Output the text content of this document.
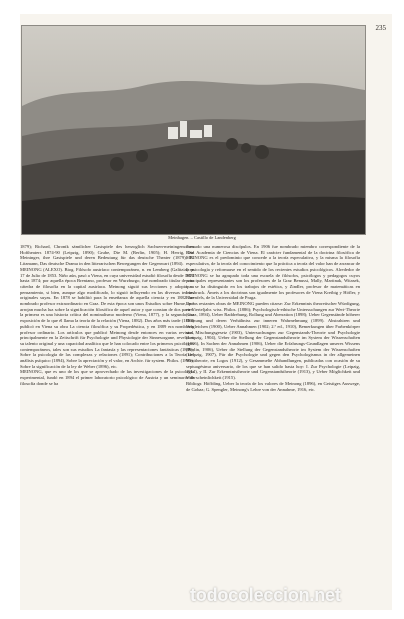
235
Meinhagen. – Castillo de Landenberg

1879); Richard, Chronik sämtlicher Gastspiele des herzoglich Sachsen-meiningenschen Hoftheaters 1874-90 (Leipzig, 1890); Grube, Die M. (Berlin, 1905); H. Herrig, Die Meininger, ihre Gastspiele und deren Bedeutung für das deutsche Theater (1879); B. Litzmann, Das deutsche Drama in den litterarischen Bewegungen der Gegenwart (1894).

MEINONG (ALEXO). Biog. Filósofo austríaco contemporáneo, n. en Lemberg (Galitzia) en 17 de Julio de 1853. Niño aún, pasó a Viena, en cuya universidad estudió filosofía desde 1870 hasta 1874; por aquella época Brentano, profesor en Wurzburgo, fué nombrado titular de una cátedra de filosofía en la capital austríaca. Meinong siguió sus lecciones y adoptó su pensamiento, si bien, aunque algo modificado, lo siguió influyendo en las diversas teorías originales suyas. En 1878 se habilitó para la enseñanza de aquella ciencia y en 1882 fue nombrado profesor extraordinario en Graz. De esta época son unos Estudios sobre Hume, que arrojan mucha luz sobre la significación filosófica de aquel autor y que constan de dos partes: la primera es una historia crítica del nominalismo moderno (Viena, 1877), y la segunda una exposición de lo que él llama la teoría de la relación (Viena, 1882). Dos años más tarde (1885) publicó en Viena su obra La ciencia filosófica y su Propedéutica, y en 1889 era nombrado profesor ordinario. Los artículos que publicó Meinong desde entonces en varias revistas, principalmente en la Zeitschrift für Psychologie und Physiologie der Sinnesorgane, revelaron su talento original y una capacidad analítica que le han colocado entre los primeros psicólogos contemporáneos, tales son sus estudios La fantasía y las representaciones fantásticas (1889); Sobre la psicología de las complexas y relaciones (1891); Contribuciones a la Teoría del análisis psíquico (1894), Sobre la apreciación y el valor, en Archiv. für system. Philos. (1895), Sobre la significación de la ley de Weber (1896), etc.

MEINONG, que es uno de los que se aprovechado de las investigaciones de la psicología experimental, fundó en 1894 el primer laboratorio psicológico de Austria y un seminario de filosofía donde se ha

formado una numerosa discípulos. En 1906 fue nombrado miembro correspondiente de la Real Academia de Ciencias de Viena. El carácter fundamental de la doctrina filosófica de MEINONG es el predominio que concede a la teoría especulativa, y la misma la filosofía especulativa, de la teoría del conocimiento que la práctica a teoría del valor han de arrancar de la psicología y reformarse en el sentido de los recientes estudios psicológicos. Alrededor de MEINONG se ha agrupado toda una escuela de filósofos, psicólogos y pedagogos cuyos principales representantes son los profesores de la Graz Benussi, Mally, Martinak, Witasek, que se ha distinguido en los trabajos de estética, y Zindler, profesor de matemáticas en Innsbruck. Ámeis a los doctrinas son igualmente los profesores de Viena Kreibig y Höfler, y Ehrenfels, de la Universidad de Praga.

De las restantes obras de MEINONG pueden citarse: Zur Erkenntnis theoretischer Würdigung, en Vierteljahr. wiss. Philos. (1886); Psychologisch-ethische Untersuchungen zur Wert-Theorie (Graz, 1894), Ueber Raddrehung, Rollung und Aberration (1898); Ueber Gegenstände höherer Ordnung und deren Verhältniss zur inneren Wahrnehmung (1899). Abstrahiren und Vergleichen (1900), Ueber Annahmen (1902; 2.ª ed., 1910), Bemerkungen über Farbenkörper und Mischungsgesetz (1903), Untersuchungen zur Gegenstands-Theorie und Psychologie (Leipzig, 1904), Ueber die Stellung der Gegenstandstheorie im System der Wissenschaften (1906), In Sachen der Annahmen (1906), Ueber die Erfahrungs-Grundlagen unseres Wissens (Berlin, 1906), Ueber die Stellung der Gegenstandstheorie im System der Wissenschaften (Leipzig, 1907), Für die Psychologie und gegen den Psychologismus in der allgemeinen Werttheorie, en Logos (1912), y Gesammelte Abhandlungen, publicadas con ocasión de su septuagésimo aniversario, de los que se han salido hasta hoy: I. Zur Psychologie (Leipzig, 1914), y II. Zur Erkenntnistheorie und Gegenstandstheorie (1913), y Ueber Möglichkeit und Wahrscheinlichkeit (1915).

Bibliogr. Höffding, Ueber la teoría de los valores de Meinong (1896), en Geistiges Auswege, de Gobaz; G. Spengler, Meinong's Lehre von der Annahme, 1916, etc.

todocoleccion.net
